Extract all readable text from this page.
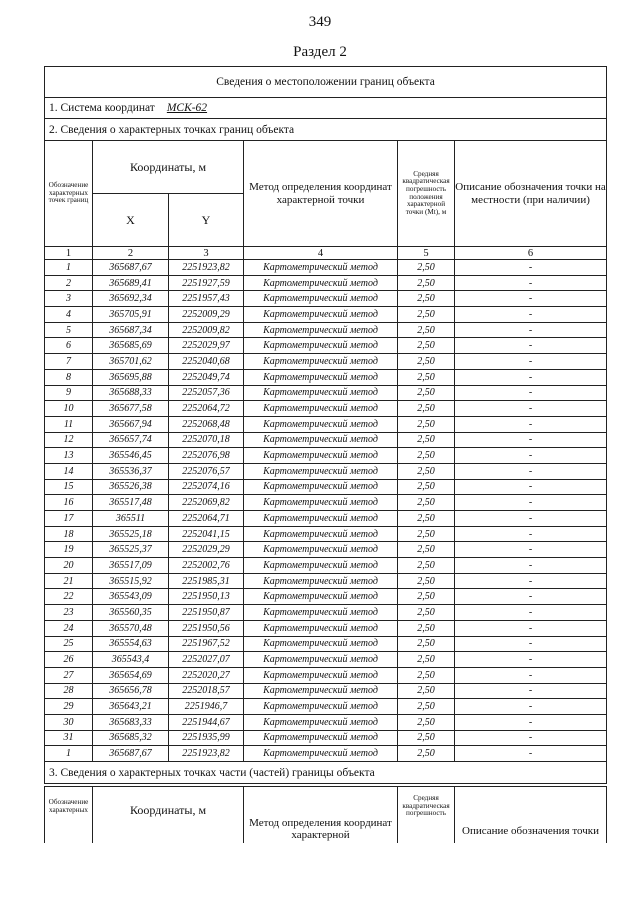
349
Раздел 2
Сведения о местоположении границ объекта					
1. Система координат МСК-62					
2. Сведения о характерных точках границ объекта					
Обозначение характерных точек границ	Координаты, м		Метод определения координат характерной точки	Средняя квадратическая погрешность положения характерной точки (Mt), м	Описание обозначения точки на местности (при наличии)
	X	Y			
1	2	3	4	5	6
1	365687,67	2251923,82	Картометрический метод	2,50	-
2	365689,41	2251927,59	Картометрический метод	2,50	-
3	365692,34	2251957,43	Картометрический метод	2,50	-
4	365705,91	2252009,29	Картометрический метод	2,50	-
5	365687,34	2252009,82	Картометрический метод	2,50	-
6	365685,69	2252029,97	Картометрический метод	2,50	-
7	365701,62	2252040,68	Картометрический метод	2,50	-
8	365695,88	2252049,74	Картометрический метод	2,50	-
9	365688,33	2252057,36	Картометрический метод	2,50	-
10	365677,58	2252064,72	Картометрический метод	2,50	-
11	365667,94	2252068,48	Картометрический метод	2,50	-
12	365657,74	2252070,18	Картометрический метод	2,50	-
13	365546,45	2252076,98	Картометрический метод	2,50	-
14	365536,37	2252076,57	Картометрический метод	2,50	-
15	365526,38	2252074,16	Картометрический метод	2,50	-
16	365517,48	2252069,82	Картометрический метод	2,50	-
17	365511	2252064,71	Картометрический метод	2,50	-
18	365525,18	2252041,15	Картометрический метод	2,50	-
19	365525,37	2252029,29	Картометрический метод	2,50	-
20	365517,09	2252002,76	Картометрический метод	2,50	-
21	365515,92	2251985,31	Картометрический метод	2,50	-
22	365543,09	2251950,13	Картометрический метод	2,50	-
23	365560,35	2251950,87	Картометрический метод	2,50	-
24	365570,48	2251950,56	Картометрический метод	2,50	-
25	365554,63	2251967,52	Картометрический метод	2,50	-
26	365543,4	2252027,07	Картометрический метод	2,50	-
27	365654,69	2252020,27	Картометрический метод	2,50	-
28	365656,78	2252018,57	Картометрический метод	2,50	-
29	365643,21	2251946,7	Картометрический метод	2,50	-
30	365683,33	2251944,67	Картометрический метод	2,50	-
31	365685,32	2251935,99	Картометрический метод	2,50	-
1	365687,67	2251923,82	Картометрический метод	2,50	-
3. Сведения о характерных точках части (частей) границы объекта					
Обозначение характерных	Координаты, м	Метод определения координат характерной	Средняя квадратическая погрешность	Описание обозначения точки
